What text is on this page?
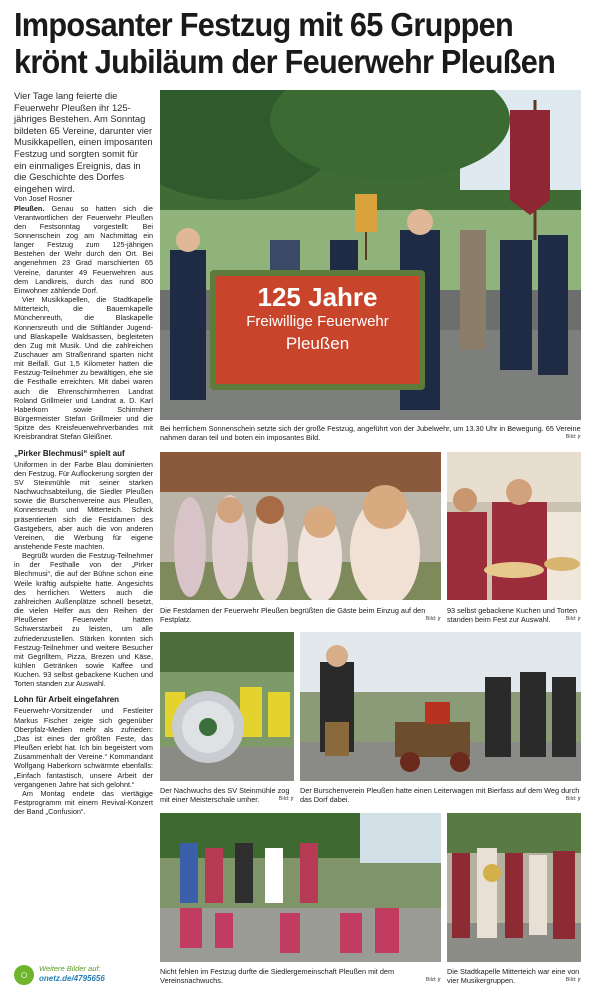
Imposanter Festzug mit 65 Gruppen
krönt Jubiläum der Feuerwehr Pleußen

Vier Tage lang feierte die Feuerwehr Pleußen ihr 125-jähriges Bestehen. Am Sonntag bildeten 65 Vereine, darunter vier Musikkapellen, einen imposanten Festzug und sorgten somit für ein einmaliges Ereignis, das in die Geschichte des Dorfes eingehen wird.

Von Josef Rosner

Pleußen. Genau so hatten sich die Verantwortlichen der Feuerwehr Pleußen den Festsonntag vorgestellt: Bei Sonnenschein zog am Nachmittag ein langer Festzug zum 125-jährigen Bestehen der Wehr durch den Ort. Bei angenehmen 23 Grad marschierten 65 Vereine, darunter 49 Feuerwehren aus dem Landkreis, durch das rund 800 Einwohner zählende Dorf.

Vier Musikkapellen, die Stadtkapelle Mitterteich, die Bauernkapelle Münchenreuth, die Blaskapelle Konnersreuth und die Stiftländer Jugend- und Blaskapelle Waldsassen, begleiteten den Zug mit Musik. Und die zahlreichen Zuschauer am Straßenrand sparten nicht mit Beifall. Gut 1,5 Kilometer hatten die Festzug-Teilnehmer zu bewältigen, ehe sie die Festhalle erreichten. Mit dabei waren auch die Ehrenschirmherren Landrat Roland Grillmeier und Landrat a. D. Karl Haberkorn sowie Schirmherr Bürgermeister Stefan Grillmeier und die Spitze des Kreisfeuerwehrverbandes mit Kreisbrandrat Stefan Gleißner.

„Pirker Blechmusi“ spielt auf

Uniformen in der Farbe Blau dominierten den Festzug. Für Auflockerung sorgten der SV Steinmühle mit seiner starken Nachwuchsabteilung, die Siedler Pleußen sowie die Burschenvereine aus Pleußen, Konnersreuth und Mitterteich. Schick präsentierten sich die Festdamen des Gastgebers, aber auch die von anderen Vereinen, die Werbung für eigene anstehende Feste machten.

Begrüßt wurden die Festzug-Teilnehmer in der Festhalle von der „Pirker Blechmusi“, die auf der Bühne schon eine Weile kräftig aufspielte hatte. Angesichts des herrlichen Wetters auch die zahlreichen Außenplätze schnell besetzt, die vielen Helfer aus den Reihen der Pleußener Feuerwehr hatten Schwerstarbeit zu leisten, um alle zufriedenzustellen. Stärken konnten sich Festzug-Teilnehmer und weitere Besucher mit Gegrilltem, Pizza, Brezen und Käse, kühlen Getränken sowie Kaffee und Kuchen. 93 selbst gebackene Kuchen und Torten standen zur Auswahl.

Lohn für Arbeit eingefahren

Feuerwehr-Vorsitzender und Festleiter Markus Fischer zeigte sich gegenüber Oberpfalz-Medien mehr als zufrieden: „Das ist eines der größten Feste, das Pleußen erlebt hat. Ich bin begeistert vom Zusammenhalt der Vereine.“ Kommandant Wolfgang Haberkorn schwärmte ebenfalls: „Einfach fantastisch, unsere Arbeit der vergangenen Jahre hat sich gelohnt.“

Am Montag endete das viertägige Festprogramm mit einem Revival-Konzert der Band „Confusion“.

○	Weitere Bilder auf:
onetz.de/4795656
125 Jahre
Freiwillige Feuerwehr
Pleußen
Bei herrlichem Sonnenschein setzte sich der große Festzug, angeführt von der Jubelwehr, um 13.30 Uhr in Bewegung. 65 Vereine nahmen daran teil und boten ein imposantes Bild.	Bild: jr
Die Festdamen der Feuerwehr Pleußen begrüßten die Gäste beim Einzug auf den Festplatz.	Bild: jr
93 selbst gebackene Kuchen und Torten standen beim Fest zur Auswahl.	Bild: jr
Der Nachwuchs des SV Steinmühle zog mit einer Meisterschale umher.	Bild: jr
Der Burschenverein Pleußen hatte einen Leiterwagen mit Bierfass auf dem Weg durch das Dorf dabei.	Bild: jr
Nicht fehlen im Festzug durfte die Siedlergemeinschaft Pleußen mit dem Vereinsnachwuchs.	Bild: jr
Die Stadtkapelle Mitterteich war eine von vier Musikergruppen.	Bild: jr
